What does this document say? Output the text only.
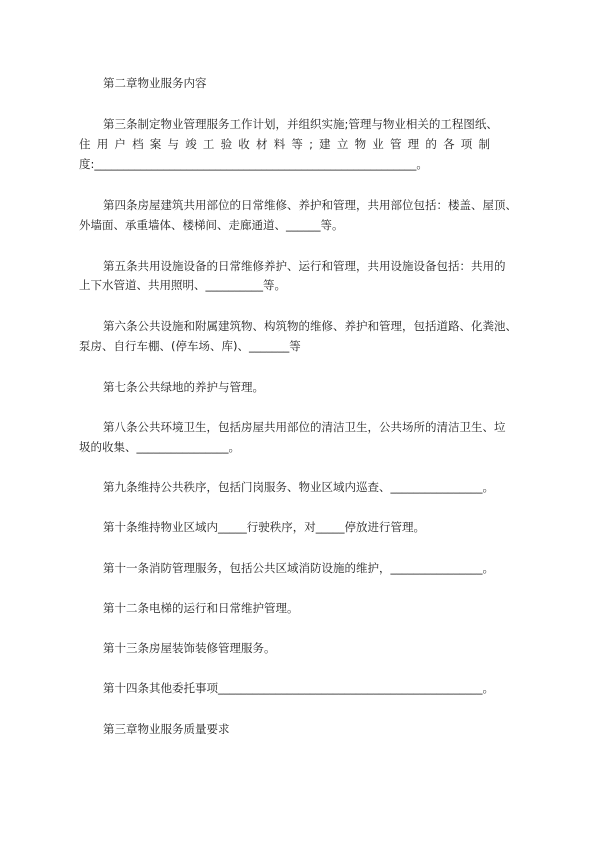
第二章物业服务内容
第三条制定物业管理服务工作计划，并组织实施;管理与物业相关的工程图纸、
住用户档案与竣工验收材料等;建立物业管理的各项制
度:________________________________________________________。
第四条房屋建筑共用部位的日常维修、养护和管理，共用部位包括：楼盖、屋顶、
外墙面、承重墙体、楼梯间、走廊通道、______等。
第五条共用设施设备的日常维修养护、运行和管理，共用设施设备包括：共用的
上下水管道、共用照明、__________等。
第六条公共设施和附属建筑物、构筑物的维修、养护和管理，包括道路、化粪池、
泵房、自行车棚、(停车场、库)、_______等
第七条公共绿地的养护与管理。
第八条公共环境卫生，包括房屋共用部位的清洁卫生，公共场所的清洁卫生、垃
圾的收集、________________。
第九条维持公共秩序，包括门岗服务、物业区域内巡查、________________。
第十条维持物业区域内_____行驶秩序，对_____停放进行管理。
第十一条消防管理服务，包括公共区域消防设施的维护，________________。
第十二条电梯的运行和日常维护管理。
第十三条房屋装饰装修管理服务。
第十四条其他委托事项______________________________________________。
第三章物业服务质量要求
